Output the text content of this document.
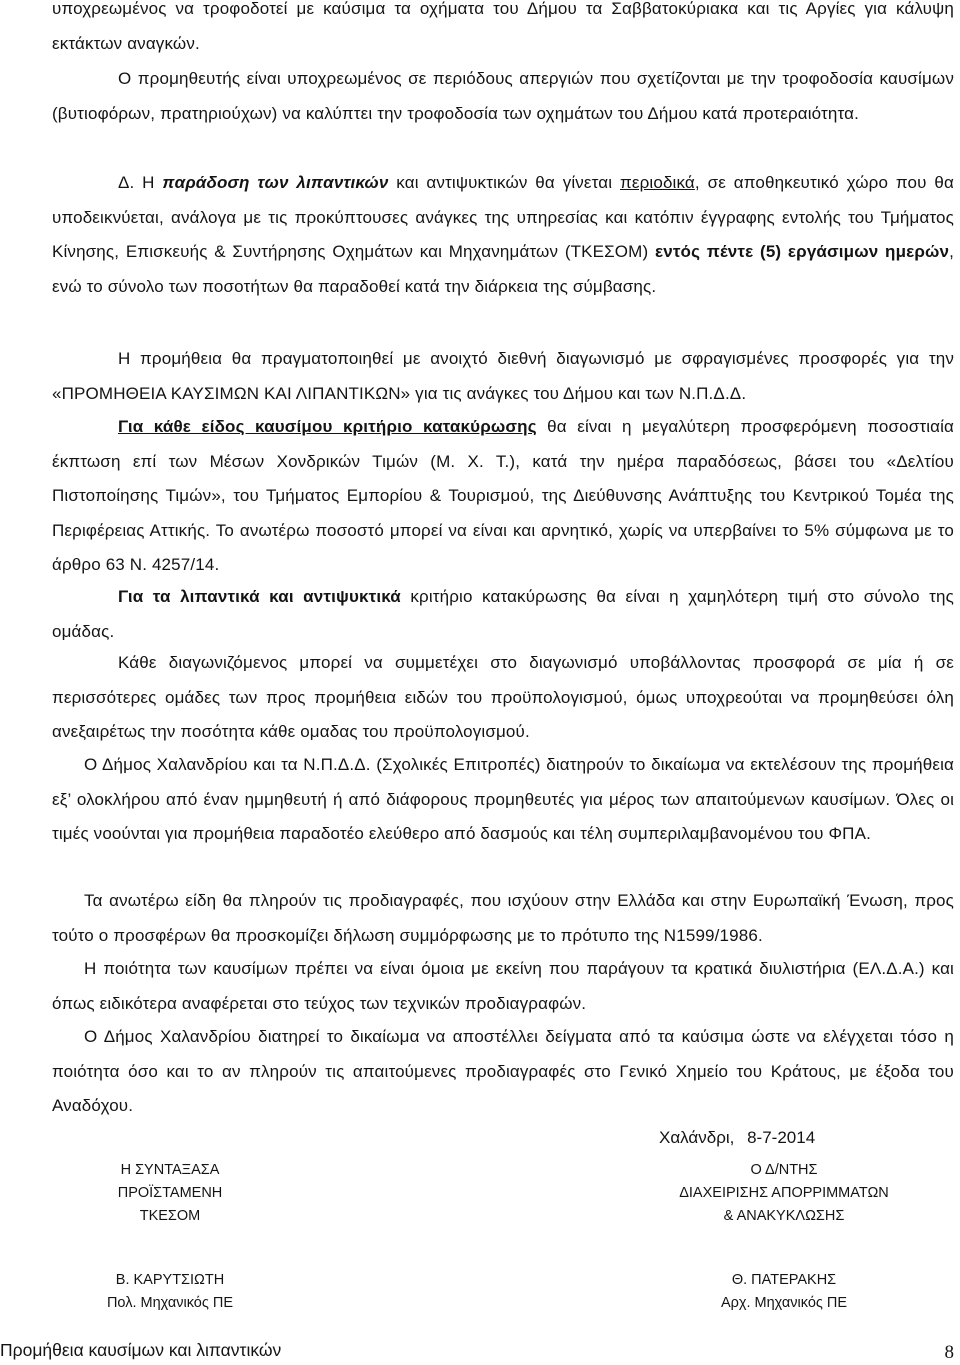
υποχρεωμένος να τροφοδοτεί με καύσιμα τα οχήματα του Δήμου τα Σαββατοκύριακα και τις Αργίες για κάλυψη εκτάκτων αναγκών.

Ο προμηθευτής είναι υποχρεωμένος σε περιόδους απεργιών που σχετίζονται με την τροφοδοσία καυσίμων (βυτιοφόρων, πρατηριούχων) να καλύπτει την τροφοδοσία των οχημάτων του Δήμου κατά προτεραιότητα.

Δ. Η παράδοση των λιπαντικών και αντιψυκτικών θα γίνεται περιοδικά, σε αποθηκευτικό χώρο που θα υποδεικνύεται, ανάλογα με τις προκύπτουσες ανάγκες της υπηρεσίας και κατόπιν έγγραφης εντολής του Τμήματος Κίνησης, Επισκευής & Συντήρησης Οχημάτων και Μηχανημάτων (ΤΚΕΣΟΜ) εντός πέντε (5) εργάσιμων ημερών, ενώ το σύνολο των ποσοτήτων θα παραδοθεί κατά την διάρκεια της σύμβασης.

Η προμήθεια θα πραγματοποιηθεί με ανοιχτό διεθνή διαγωνισμό με σφραγισμένες προσφορές για την «ΠΡΟΜΗΘΕΙΑ ΚΑΥΣΙΜΩΝ ΚΑΙ ΛΙΠΑΝΤΙΚΩΝ» για τις ανάγκες του Δήμου και των Ν.Π.Δ.Δ.

Για κάθε είδος καυσίμου κριτήριο κατακύρωσης θα είναι η μεγαλύτερη προσφερόμενη ποσοστιαία έκπτωση επί των Μέσων Χονδρικών Τιμών (Μ. Χ. Τ.), κατά την ημέρα παραδόσεως, βάσει του «Δελτίου Πιστοποίησης Τιμών», του Τμήματος Εμπορίου & Τουρισμού, της Διεύθυνσης Ανάπτυξης του Κεντρικού Τομέα της Περιφέρειας Αττικής. Το ανωτέρω ποσοστό μπορεί να είναι και αρνητικό, χωρίς να υπερβαίνει το 5% σύμφωνα με το άρθρο 63 Ν. 4257/14.

Για τα λιπαντικά και αντιψυκτικά κριτήριο κατακύρωσης θα είναι η χαμηλότερη τιμή στο σύνολο της ομάδας.

Κάθε διαγωνιζόμενος μπορεί να συμμετέχει στο διαγωνισμό υποβάλλοντας προσφορά σε μία ή σε περισσότερες ομάδες των προς προμήθεια ειδών του προϋπολογισμού, όμως υποχρεούται να προμηθεύσει όλη ανεξαιρέτως την ποσότητα κάθε ομαδας του προϋπολογισμού.

Ο Δήμος Χαλανδρίου και τα Ν.Π.Δ.Δ. (Σχολικές Επιτροπές) διατηρούν το δικαίωμα να εκτελέσουν της προμήθεια εξ’ ολοκλήρου από έναν ημμηθευτή ή από διάφορους προμηθευτές για μέρος των απαιτούμενων καυσίμων. Όλες οι τιμές νοούνται για προμήθεια παραδοτέο ελεύθερο από δασμούς και τέλη συμπεριλαμβανομένου του ΦΠΑ.

Τα ανωτέρω είδη θα πληρούν τις προδιαγραφές, που ισχύουν στην Ελλάδα και στην Ευρωπαϊκή Ένωση, προς τούτο ο προσφέρων θα προσκομίζει δήλωση συμμόρφωσης με το πρότυπο της Ν1599/1986.

Η ποιότητα των καυσίμων πρέπει να είναι όμοια με εκείνη που παράγουν τα κρατικά διυλιστήρια (ΕΛ.Δ.Α.) και όπως ειδικότερα αναφέρεται στο τεύχος των τεχνικών προδιαγραφών.

Ο Δήμος Χαλανδρίου διατηρεί το δικαίωμα να αποστέλλει δείγματα από τα καύσιμα ώστε να ελέγχεται τόσο η ποιότητα όσο και το αν πληρούν τις απαιτούμενες προδιαγραφές στο Γενικό Χημείο του Κράτους, με έξοδα του Αναδόχου.

Χαλάνδρι, 8-7-2014
Η ΣΥΝΤΑΞΑΣΑ
ΠΡΟΪΣΤΑΜΕΝΗ
ΤΚΕΣΟΜ
Ο Δ/ΝΤΗΣ
ΔΙΑΧΕΙΡΙΣΗΣ ΑΠΟΡΡΙΜΜΑΤΩΝ
& ΑΝΑΚΥΚΛΩΣΗΣ
Β. ΚΑΡΥΤΣΙΩΤΗ
Πολ. Μηχανικός ΠΕ
Θ. ΠΑΤΕΡΑΚΗΣ
Αρχ. Μηχανικός ΠΕ
Προμήθεια καυσίμων και λιπαντικών	8
